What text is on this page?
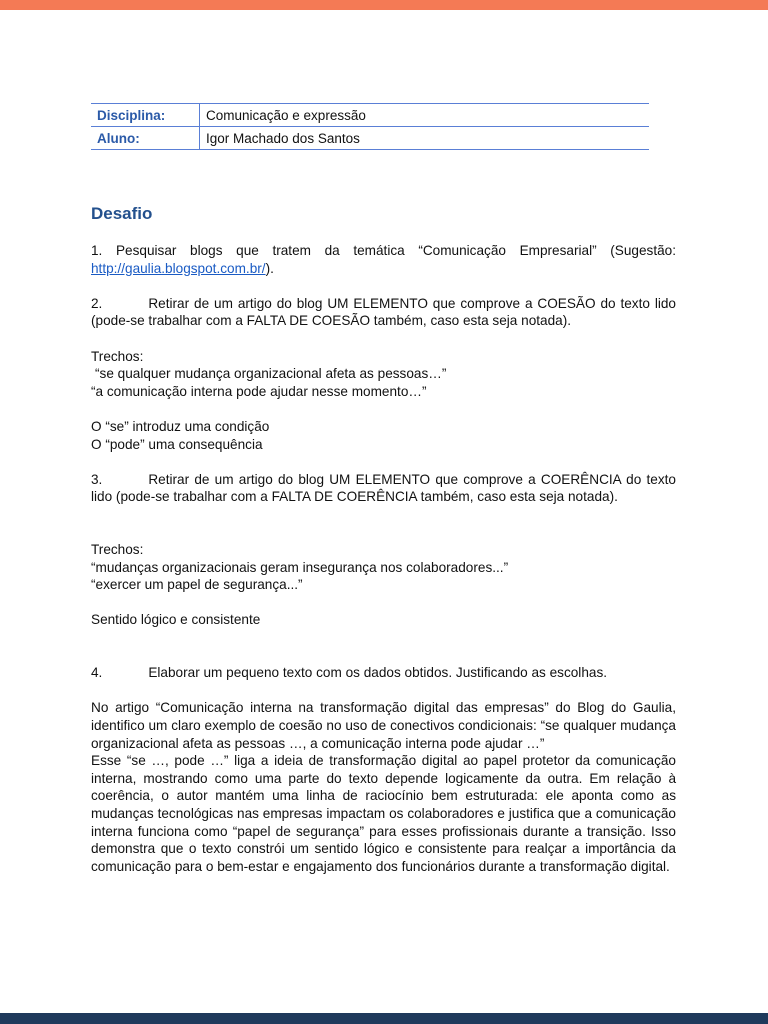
Disciplina:	Comunicação e expressão
Aluno:	Igor Machado dos Santos
Desafio

1. Pesquisar blogs que tratem da temática “Comunicação Empresarial” (Sugestão: http://gaulia.blogspot.com.br/).

2.	Retirar de um artigo do blog UM ELEMENTO que comprove a COESÃO do texto lido (pode-se trabalhar com a FALTA DE COESÃO também, caso esta seja notada).

Trechos:

“se qualquer mudança organizacional afeta as pessoas…”

“a comunicação interna pode ajudar nesse momento…”

O “se” introduz uma condição

O “pode” uma consequência

3.	Retirar de um artigo do blog UM ELEMENTO que comprove a COERÊNCIA do texto lido (pode-se trabalhar com a FALTA DE COERÊNCIA também, caso esta seja notada).

Trechos:

“mudanças organizacionais geram insegurança nos colaboradores...”

“exercer um papel de segurança...”

Sentido lógico e consistente

4.	Elaborar um pequeno texto com os dados obtidos. Justificando as escolhas.

No artigo “Comunicação interna na transformação digital das empresas” do Blog do Gaulia, identifico um claro exemplo de coesão no uso de conectivos condicionais: “se qualquer mudança organizacional afeta as pessoas …, a comunicação interna pode ajudar …”

Esse “se …, pode …” liga a ideia de transformação digital ao papel protetor da comunicação interna, mostrando como uma parte do texto depende logicamente da outra. Em relação à coerência, o autor mantém uma linha de raciocínio bem estruturada: ele aponta como as mudanças tecnológicas nas empresas impactam os colaboradores e justifica que a comunicação interna funciona como “papel de segurança” para esses profissionais durante a transição. Isso demonstra que o texto constrói um sentido lógico e consistente para realçar a importância da comunicação para o bem-estar e engajamento dos funcionários durante a transformação digital.
